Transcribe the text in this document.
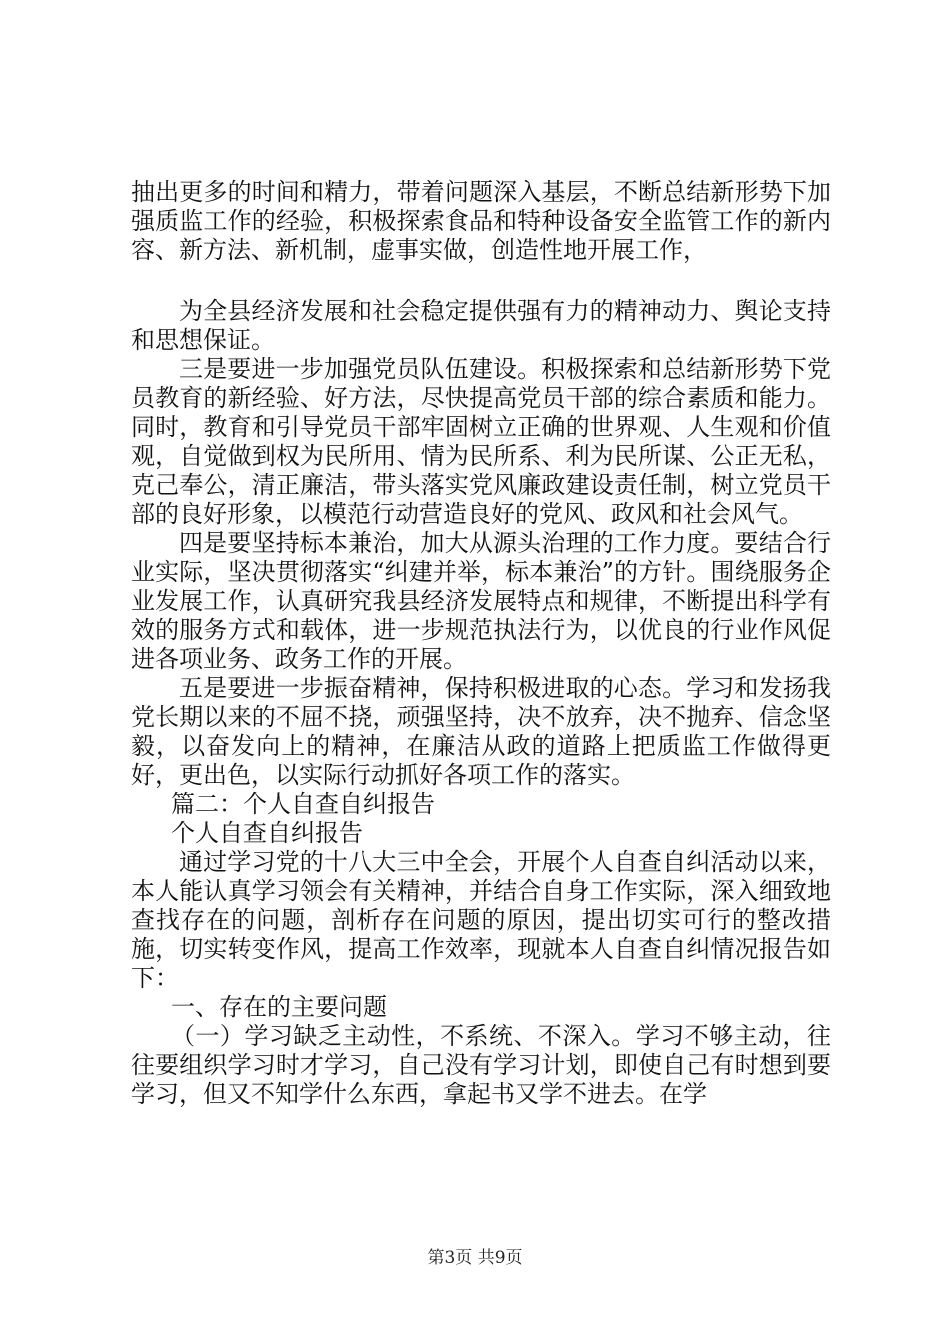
抽出更多的时间和精力，带着问题深入基层，不断总结新形势下加强质监工作的经验，积极探索食品和特种设备安全监管工作的新内容、新方法、新机制，虚事实做，创造性地开展工作，

为全县经济发展和社会稳定提供强有力的精神动力、舆论支持和思想保证。

三是要进一步加强党员队伍建设。积极探索和总结新形势下党员教育的新经验、好方法，尽快提高党员干部的综合素质和能力。同时，教育和引导党员干部牢固树立正确的世界观、人生观和价值观，自觉做到权为民所用、情为民所系、利为民所谋、公正无私，克己奉公，清正廉洁，带头落实党风廉政建设责任制，树立党员干部的良好形象，以模范行动营造良好的党风、政风和社会风气。

四是要坚持标本兼治，加大从源头治理的工作力度。要结合行业实际，坚决贯彻落实“纠建并举，标本兼治”的方针。围绕服务企业发展工作，认真研究我县经济发展特点和规律，不断提出科学有效的服务方式和载体，进一步规范执法行为，以优良的行业作风促进各项业务、政务工作的开展。

五是要进一步振奋精神，保持积极进取的心态。学习和发扬我党长期以来的不屈不挠，顽强坚持，决不放弃，决不抛弃、信念坚毅，以奋发向上的精神，在廉洁从政的道路上把质监工作做得更好，更出色，以实际行动抓好各项工作的落实。

篇二：个人自查自纠报告

个人自查自纠报告

通过学习党的十八大三中全会，开展个人自查自纠活动以来，本人能认真学习领会有关精神，并结合自身工作实际，深入细致地查找存在的问题，剖析存在问题的原因，提出切实可行的整改措施，切实转变作风，提高工作效率，现就本人自查自纠情况报告如下：

一、存在的主要问题

（一）学习缺乏主动性，不系统、不深入。学习不够主动，往往要组织学习时才学习，自己没有学习计划，即使自己有时想到要学习，但又不知学什么东西，拿起书又学不进去。在学

第3页 共9页
